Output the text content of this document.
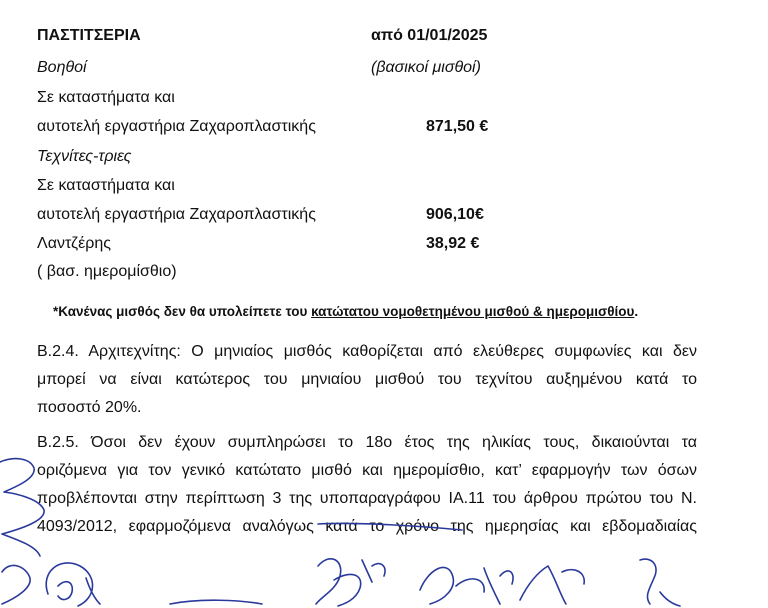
ΠΑΣΤΙΤΣΕΡΙΑ	από 01/01/2025
Βοηθοί	(βασικοί μισθοί)
Σε καταστήματα και
αυτοτελή εργαστήρια Ζαχαροπλαστικής	871,50 €
Τεχνίτες-τριες
Σε καταστήματα και
αυτοτελή εργαστήρια Ζαχαροπλαστικής	906,10€
Λαντζέρης	38,92 €
( βασ. ημερομίσθιο)
*Κανένας μισθός δεν θα υπολείπετε του κατώτατου νομοθετημένου μισθού & ημερομισθίου.
Β.2.4. Αρχιτεχνίτης: Ο μηνιαίος μισθός καθορίζεται από ελεύθερες συμφωνίες και δεν
μπορεί να είναι κατώτερος του μηνιαίου μισθού του τεχνίτου αυξημένου κατά το
ποσοστό 20%.
Β.2.5. Όσοι δεν έχουν συμπληρώσει το 18ο έτος της ηλικίας τους, δικαιούνται τα
οριζόμενα για τον γενικό κατώτατο μισθό και ημερομίσθιο, κατ’ εφαρμογήν των όσων
προβλέπονται στην περίπτωση 3 της υποπαραγράφου ΙΑ.11 του άρθρου πρώτου του Ν.
4093/2012, εφαρμοζόμενα αναλόγως κατά το χρόνο της ημερησίας και εβδομαδιαίας
